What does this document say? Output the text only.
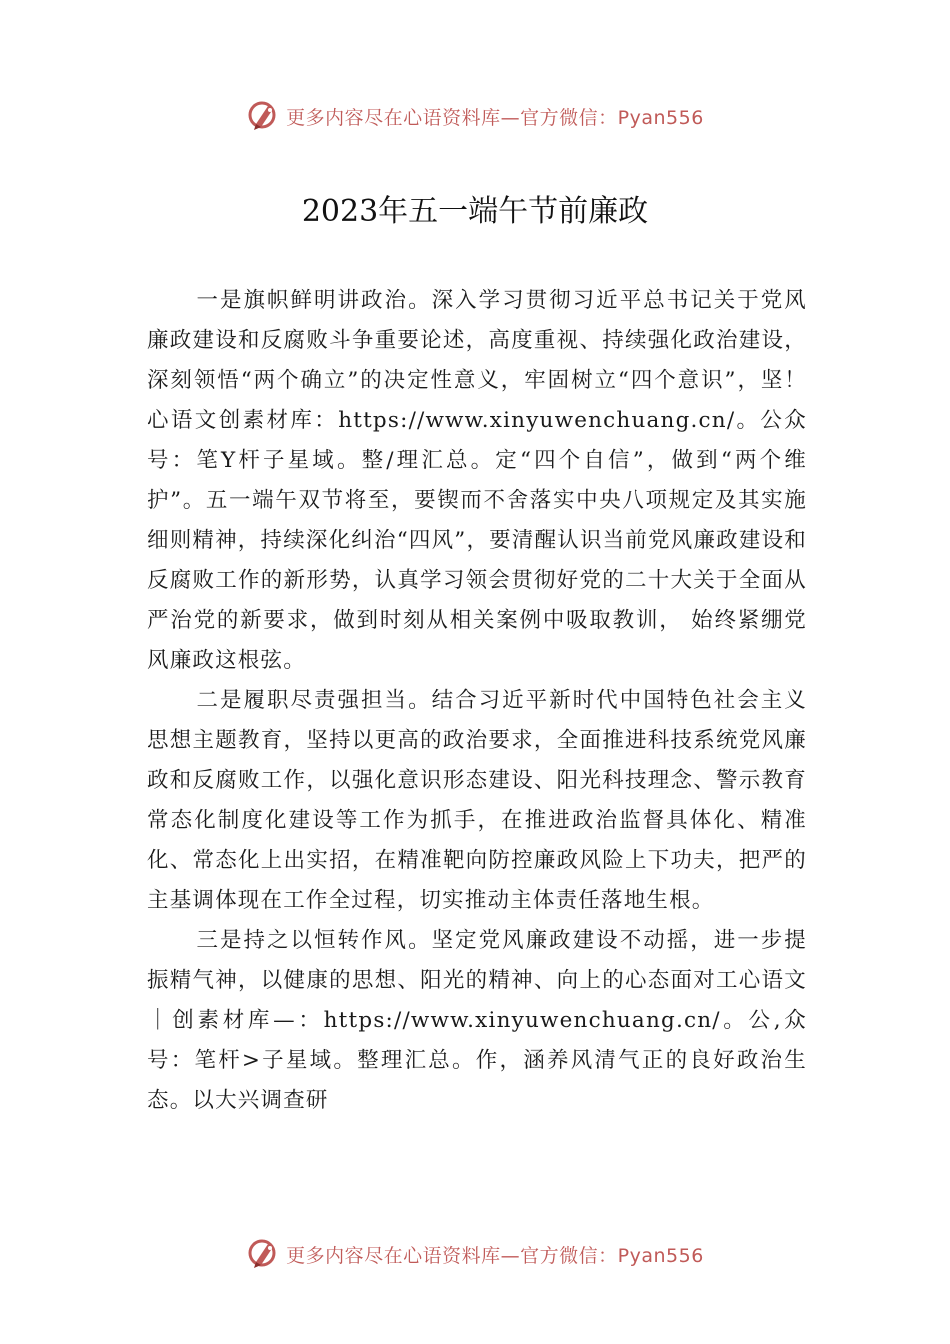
更多内容尽在心语资料库—官方微信：Pyan556
2023年五一端午节前廉政

一是旗帜鲜明讲政治。深入学习贯彻习近平总书记关于党风廉政建设和反腐败斗争重要论述，高度重视、持续强化政治建设，深刻领悟“两个确立”的决定性意义，牢固树立“四个意识”，坚！心语文创素材库：https://www.xinyuwenchuang.cn/。公众号：笔Y杆子星域。整/理汇总。定“四个自信”，做到“两个维护”。五一端午双节将至，要锲而不舍落实中央八项规定及其实施细则精神，持续深化纠治“四风”，要清醒认识当前党风廉政建设和反腐败工作的新形势，认真学习领会贯彻好党的二十大关于全面从严治党的新要求，做到时刻从相关案例中吸取教训， 始终紧绷党风廉政这根弦。

二是履职尽责强担当。结合习近平新时代中国特色社会主义思想主题教育，坚持以更高的政治要求，全面推进科技系统党风廉政和反腐败工作，以强化意识形态建设、阳光科技理念、警示教育常态化制度化建设等工作为抓手，在推进政治监督具体化、精准化、常态化上出实招，在精准靶向防控廉政风险上下功夫，把严的主基调体现在工作全过程，切实推动主体责任落地生根。

三是持之以恒转作风。坚定党风廉政建设不动摇，进一步提振精气神，以健康的思想、阳光的精神、向上的心态面对工心语文｜创素材库—：https://www.xinyuwenchuang.cn/。公,众号：笔杆>子星域。整理汇总。作，涵养风清气正的良好政治生态。以大兴调查研

更多内容尽在心语资料库—官方微信：Pyan556
